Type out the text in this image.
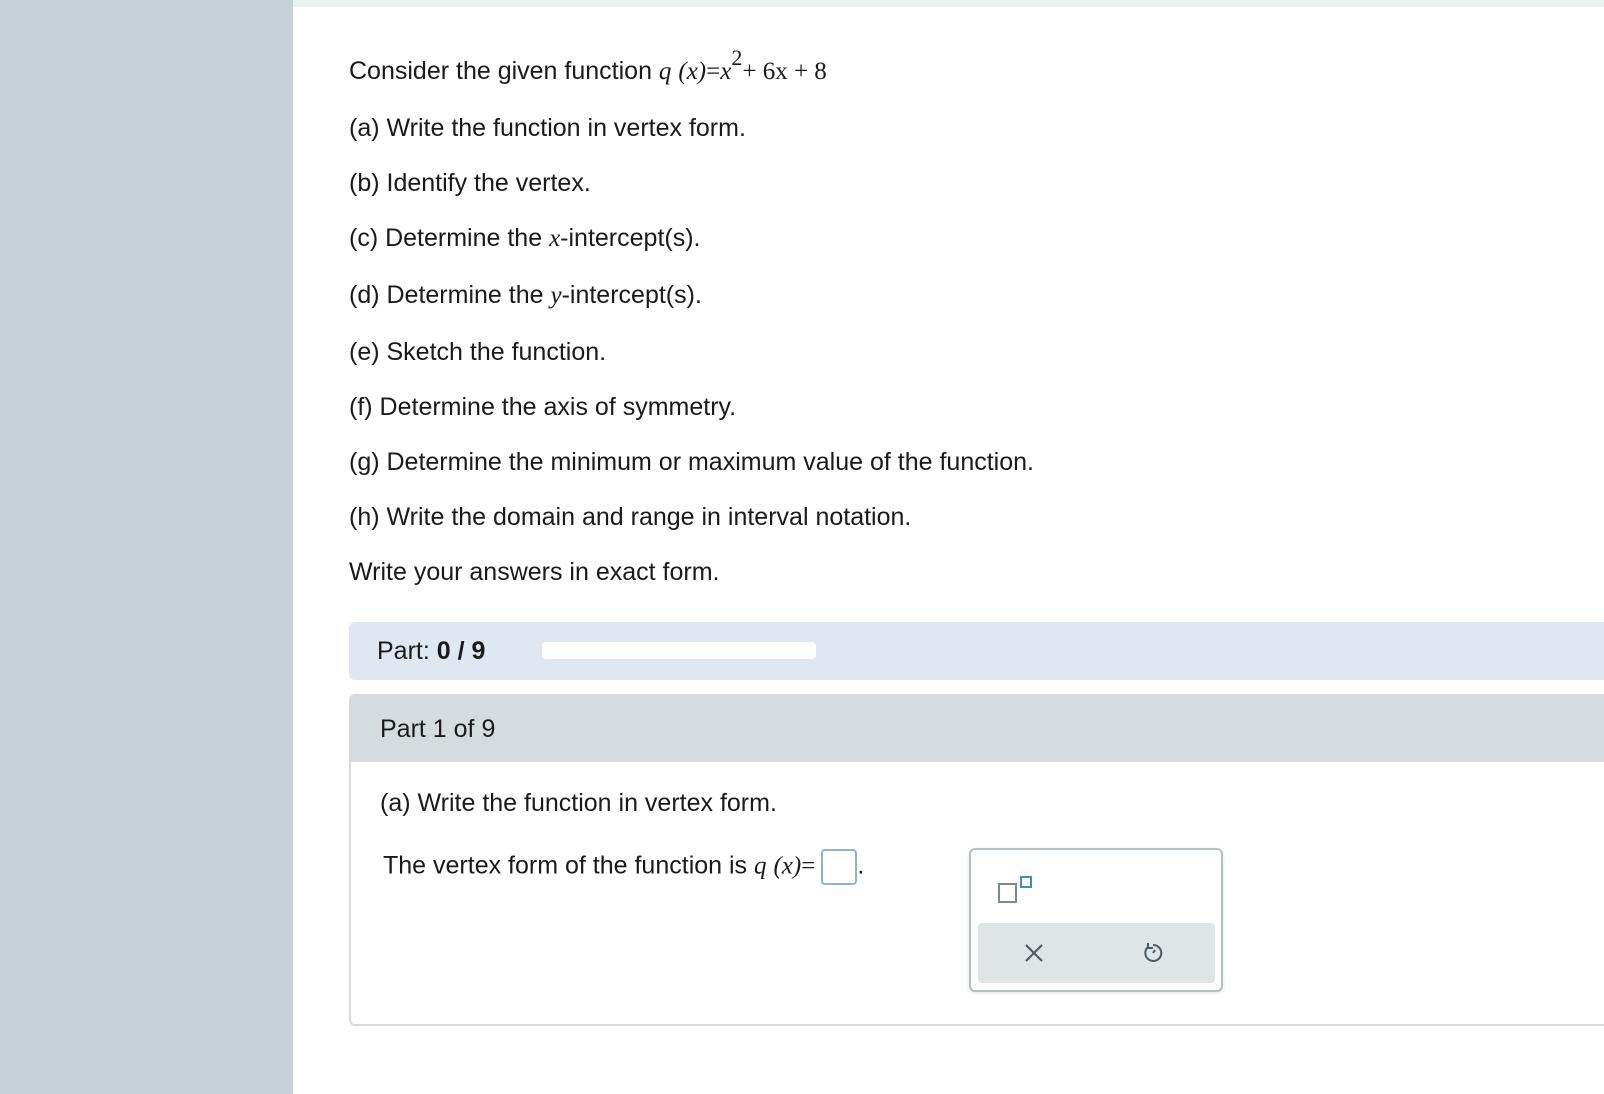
Consider the given function q (x)=x2+ 6x + 8
(a) Write the function in vertex form.
(b) Identify the vertex.
(c) Determine the x-intercept(s).
(d) Determine the y-intercept(s).
(e) Sketch the function.
(f) Determine the axis of symmetry.
(g) Determine the minimum or maximum value of the function.
(h) Write the domain and range in interval notation.
Write your answers in exact form.
Part: 0 / 9
Part 1 of 9
(a) Write the function in vertex form.
The vertex form of the function is q (x)= .
